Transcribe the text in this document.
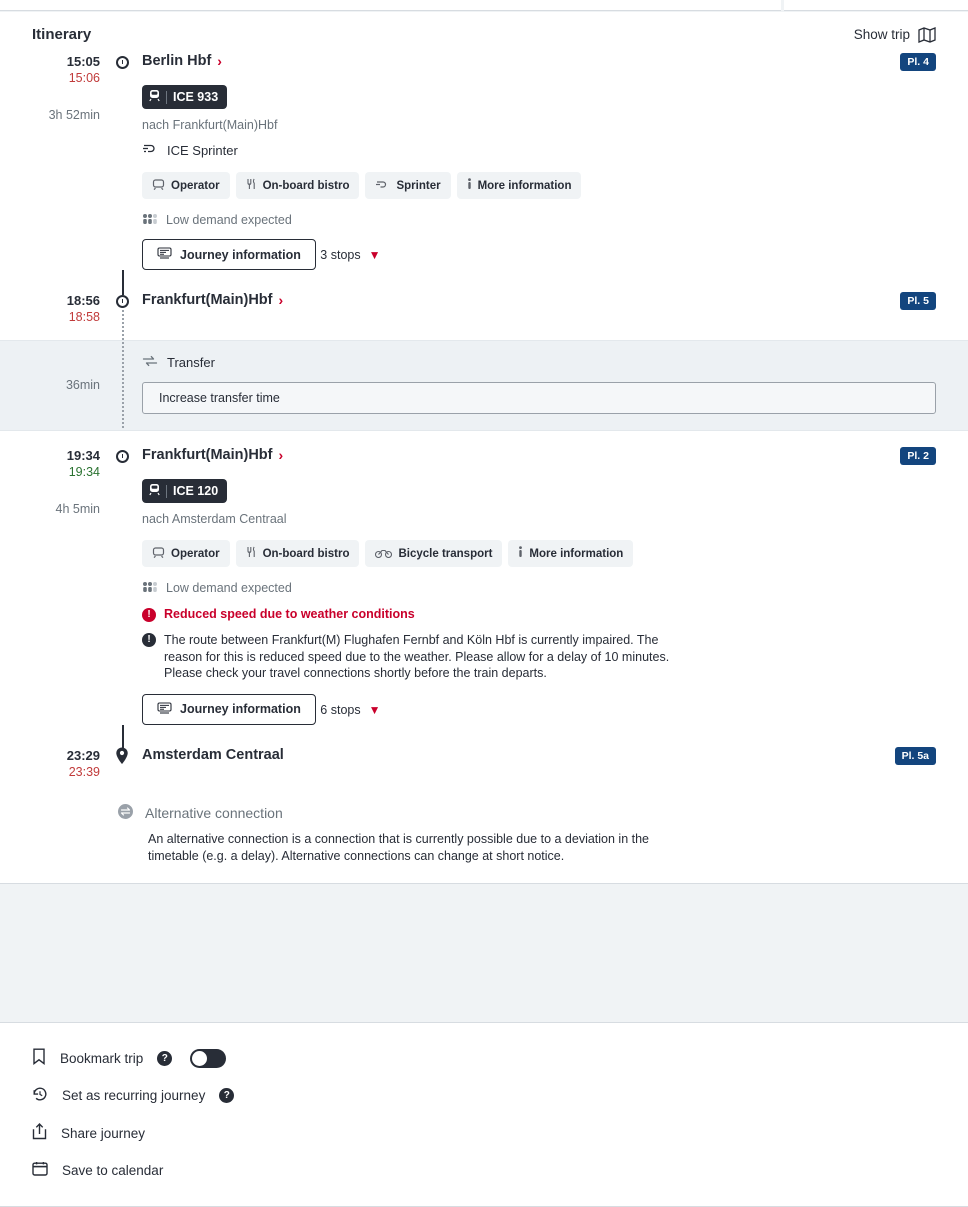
Itinerary	Show trip
15:05
15:06
3h 52min
Berlin Hbf ›	Pl. 4
ICE 933
nach Frankfurt(Main)Hbf
ICE Sprinter
Operator	On-board bistro	Sprinter	More information
Low demand expected
Journey information
3 stops ▼
18:56
18:58
Frankfurt(Main)Hbf ›	Pl. 5
36min
Transfer
Increase transfer time
19:34
19:34
4h 5min
Frankfurt(Main)Hbf ›	Pl. 2
ICE 120
nach Amsterdam Centraal
Operator	On-board bistro	Bicycle transport	More information
Low demand expected
!	Reduced speed due to weather conditions
!	The route between Frankfurt(M) Flughafen Fernbf and Köln Hbf is currently impaired. The reason for this is reduced speed due to the weather. Please allow for a delay of 10 minutes. Please check your travel connections shortly before the train departs.
Journey information
6 stops ▼
23:29
23:39
Amsterdam Centraal	Pl. 5a
Alternative connection
An alternative connection is a connection that is currently possible due to a deviation in the timetable (e.g. a delay). Alternative connections can change at short notice.
Bookmark trip	?
Set as recurring journey	?
Share journey
Save to calendar
